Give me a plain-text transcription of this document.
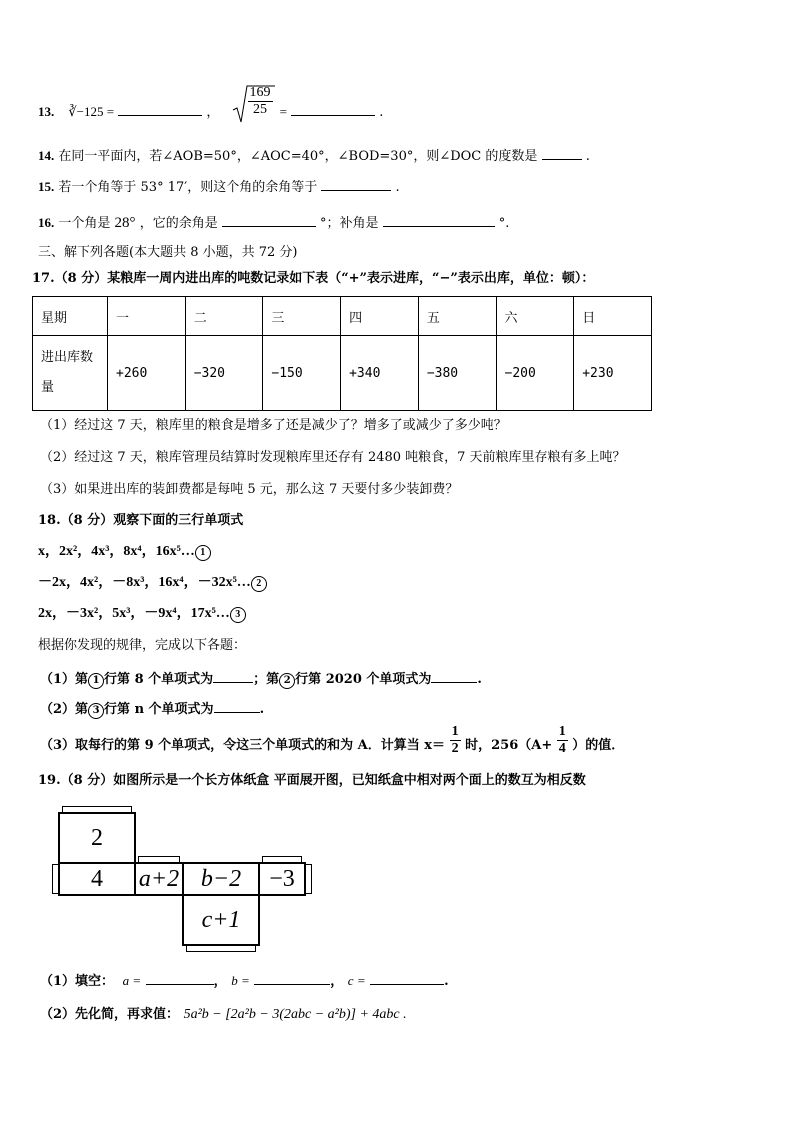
13. ∛−125 =	， $\frac{169}{25}$ =	.
14. 在同一平面内，若∠AOB=50°，∠AOC=40°，∠BOD=30°，则∠DOC 的度数是	.
15. 若一个角等于 53° 17′，则这个角的余角等于	.
16. 一个角是 28° ，它的余角是	°；补角是	°.
三、解下列各题(本大题共 8 小题，共 72 分)
17.（8 分）某粮库一周内进出库的吨数记录如下表（“+”表示进库，“−”表示出库，单位：顿）：
星期	一	二	三	四	五	六	日
进出库数量	+260	−320	−150	+340	−380	−200	+230
（1）经过这 7 天，粮库里的粮食是增多了还是减少了？增多了或减少了多少吨？
（2）经过这 7 天，粮库管理员结算时发现粮库里还存有 2480 吨粮食，7 天前粮库里存粮有多上吨？
（3）如果进出库的装卸费都是每吨 5 元，那么这 7 天要付多少装卸费？
18.（8 分）观察下面的三行单项式
x，2x²，4x³，8x⁴，16x⁵… 1
－2x，4x²，－8x³，16x⁴，－32x⁵… 2
2x，－3x²，5x³，－9x⁴，17x⁵… 3
根据你发现的规律，完成以下各题：
（1）第 1 行第 8 个单项式为	；第 2 行第 2020 个单项式为	.
（2）第 3 行第 n 个单项式为	.
（3）取每行的第 9 个单项式，令这三个单项式的和为 A．计算当 $x= \frac{1}{2}$ 时，$256(A+ \frac{1}{4}$ ）的值．
19.（8 分）如图所示是一个长方体纸盒 平面展开图，已知纸盒中相对两个面上的数互为相反数
2
4 a+2 b−2 −3
c+1
（1）填空： a =	， b =	， c =	.
（2）先化简，再求值： 5a²b − [2a²b − 3(2abc − a²b)] + 4abc .
